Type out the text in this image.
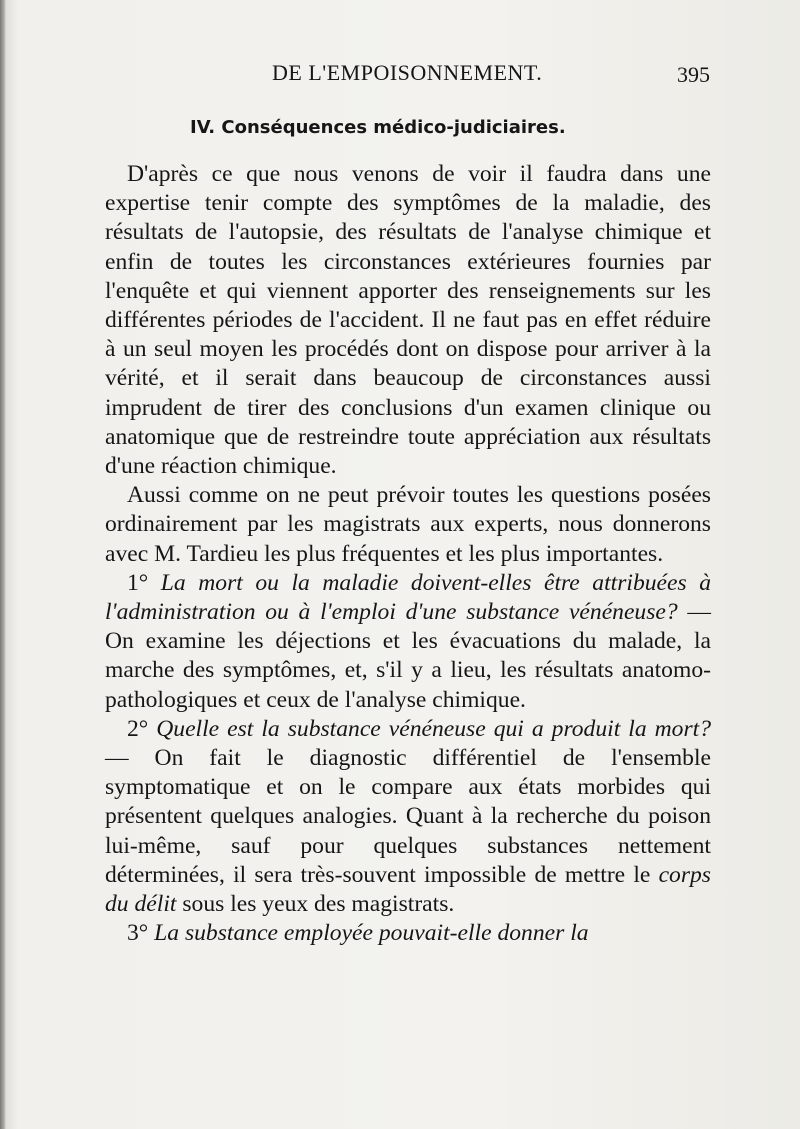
DE L'EMPOISONNEMENT.	395
IV. Conséquences médico-judiciaires.

D'après ce que nous venons de voir il faudra dans une expertise tenir compte des symptômes de la maladie, des résultats de l'autopsie, des résultats de l'analyse chimique et enfin de toutes les circonstances extérieures fournies par l'enquête et qui viennent apporter des renseignements sur les différentes périodes de l'accident. Il ne faut pas en effet réduire à un seul moyen les procédés dont on dispose pour arriver à la vérité, et il serait dans beaucoup de circonstances aussi imprudent de tirer des conclusions d'un examen clinique ou anatomique que de restreindre toute appréciation aux résultats d'une réaction chimique.

Aussi comme on ne peut prévoir toutes les questions posées ordinairement par les magistrats aux experts, nous donnerons avec M. Tardieu les plus fréquentes et les plus importantes.

1° La mort ou la maladie doivent-elles être attribuées à l'administration ou à l'emploi d'une substance vénéneuse? — On examine les déjections et les évacuations du malade, la marche des symptômes, et, s'il y a lieu, les résultats anatomo-pathologiques et ceux de l'analyse chimique.

2° Quelle est la substance vénéneuse qui a produit la mort? — On fait le diagnostic différentiel de l'ensemble symptomatique et on le compare aux états morbides qui présentent quelques analogies. Quant à la recherche du poison lui-même, sauf pour quelques substances nettement déterminées, il sera très-souvent impossible de mettre le corps du délit sous les yeux des magistrats.

3° La substance employée pouvait-elle donner la
